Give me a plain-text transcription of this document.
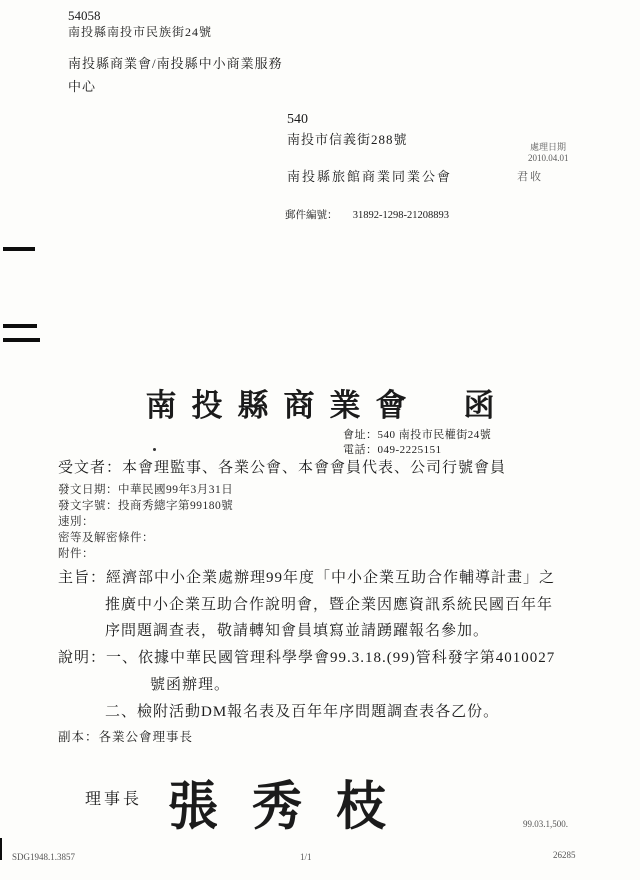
54058
南投縣南投市民族街24號
南投縣商業會/南投縣中小商業服務
中心
540
南投市信義街288號	處理日期
2010.04.01
南投縣旅館商業同業公會	君收
郵件編號： 31892-1298-21208893
南投縣商業會 函
會址：540 南投市民權街24號
電話：049-2225151
受文者：本會理監事、各業公會、本會會員代表、公司行號會員
發文日期：中華民國99年3月31日
發文字號：投商秀總字第99180號
速別：
密等及解密條件：
附件：
主旨：經濟部中小企業處辦理99年度「中小企業互助合作輔導計畫」之
推廣中小企業互助合作說明會，暨企業因應資訊系統民國百年年
序問題調查表，敬請轉知會員填寫並請踴躍報名參加。
說明：一、依據中華民國管理科學學會99.3.18.(99)管科發字第4010027
號函辦理。
二、檢附活動DM報名表及百年年序問題調查表各乙份。
副本：各業公會理事長
理事長 張秀枝	99.03.1,500.
SDG1948.1.3857	1/1	26285
